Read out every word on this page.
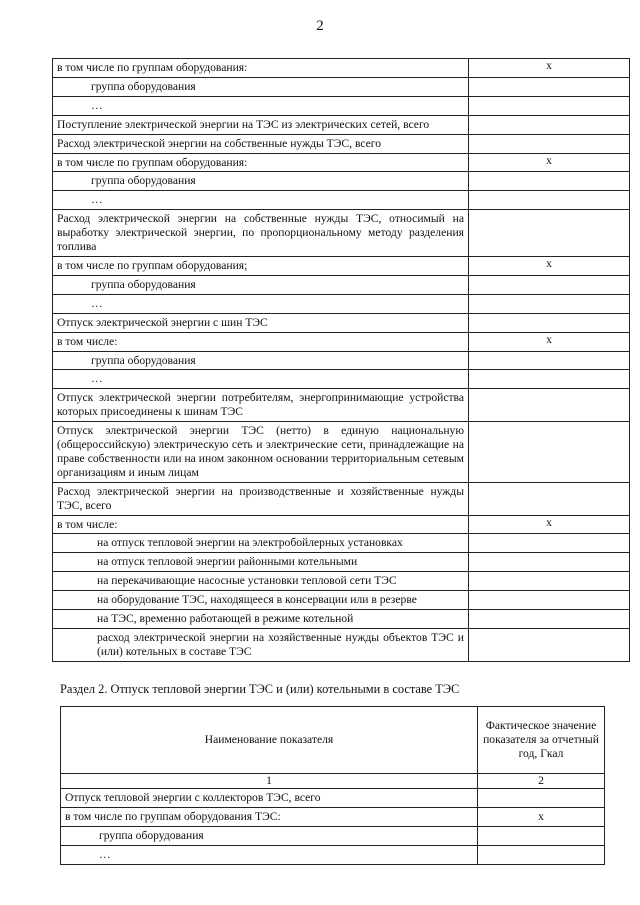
2
в том числе по группам оборудования:	х
группа оборудования	
…	
Поступление электрической энергии на ТЭС из электрических сетей, всего	
Расход электрической энергии на собственные нужды ТЭС, всего	
в том числе по группам оборудования:	х
группа оборудования	
…	
Расход электрической энергии на собственные нужды ТЭС, относимый на выработку электрической энергии, по пропорциональному методу разделения топлива	
в том числе по группам оборудования;	х
группа оборудования	
…	
Отпуск электрической энергии с шин ТЭС	
в том числе:	х
группа оборудования	
…	
Отпуск электрической энергии потребителям, энергопринимающие устройства которых присоединены к шинам ТЭС	
Отпуск электрической энергии ТЭС (нетто) в единую национальную (общероссийскую) электрическую сеть и электрические сети, принадлежащие на праве собственности или на ином законном основании территориальным сетевым организациям и иным лицам	
Расход электрической энергии на производственные и хозяйственные нужды ТЭС, всего	
в том числе:	х
на отпуск тепловой энергии на электробойлерных установках	
на отпуск тепловой энергии районными котельными	
на перекачивающие насосные установки тепловой сети ТЭС	
на оборудование ТЭС, находящееся в консервации или в резерве	
на ТЭС, временно работающей в режиме котельной	
расход электрической энергии на хозяйственные нужды объектов ТЭС и (или) котельных в составе ТЭС	
Раздел 2. Отпуск тепловой энергии ТЭС и (или) котельными в составе ТЭС
Наименование показателя	Фактическое значение показателя за отчетный год, Гкал
1	2
Отпуск тепловой энергии с коллекторов ТЭС, всего	
в том числе по группам оборудования ТЭС:	х
группа оборудования	
…	
